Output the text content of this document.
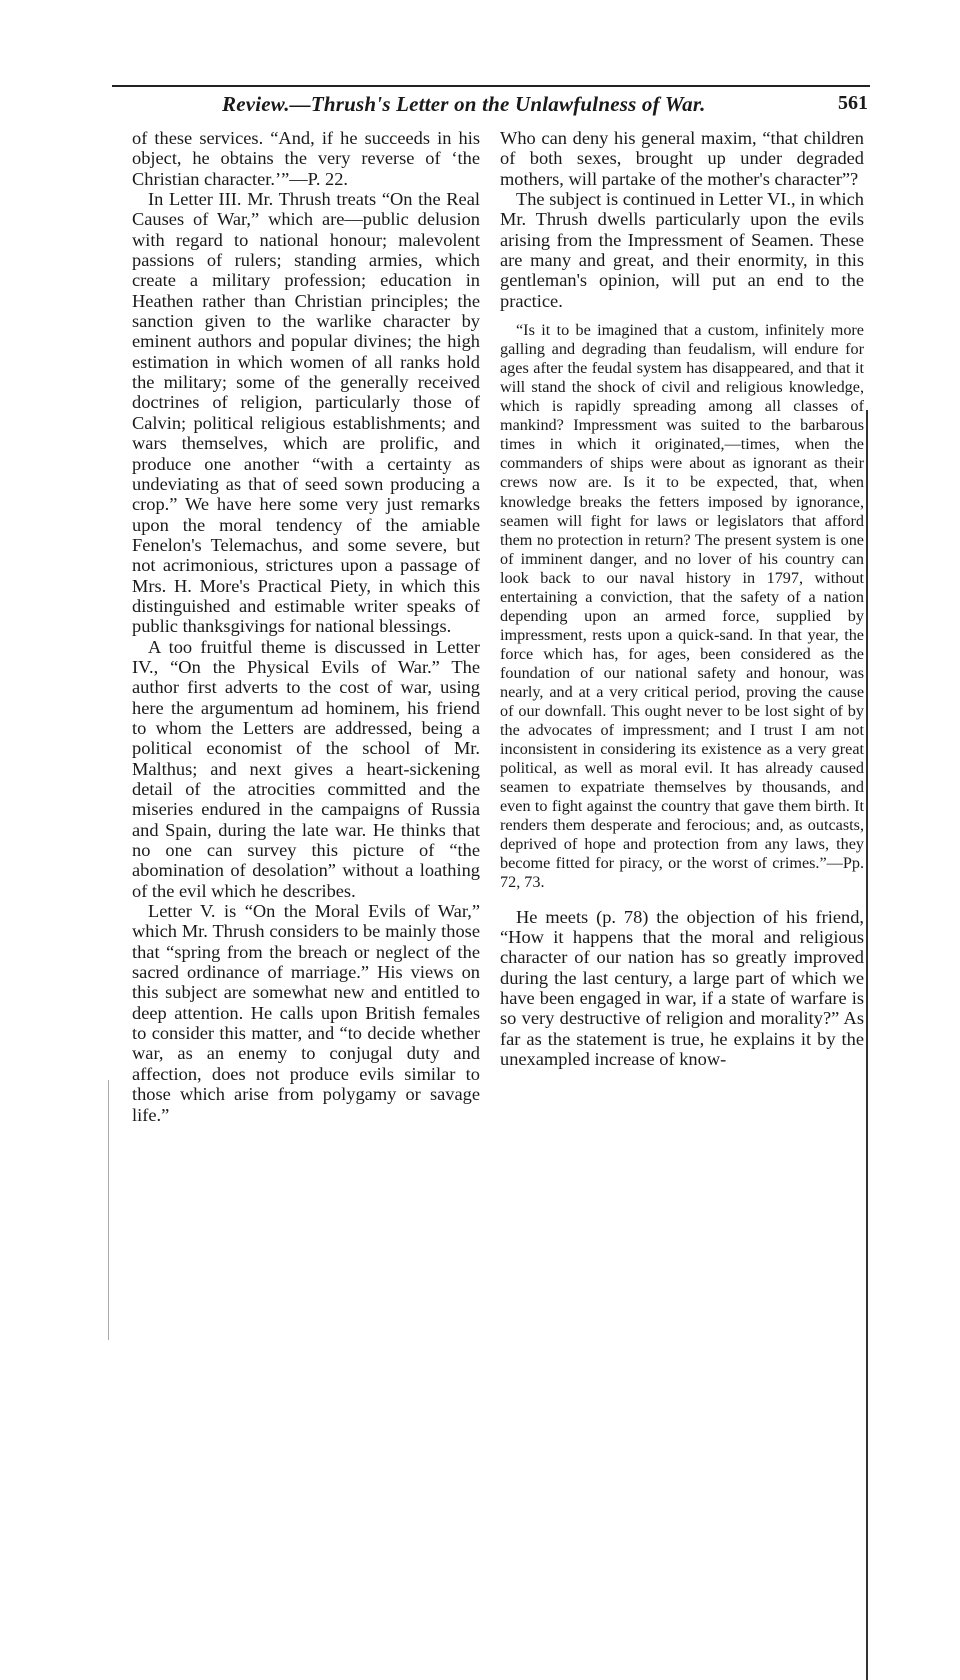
Review.—Thrush's Letter on the Unlawfulness of War.	561

of these services. “And, if he succeeds in his object, he obtains the very reverse of ‘the Christian character.’”—P. 22.

In Letter III. Mr. Thrush treats “On the Real Causes of War,” which are—public delusion with regard to national honour; malevolent passions of rulers; standing armies, which create a military profession; education in Heathen rather than Christian principles; the sanction given to the warlike character by eminent authors and popular divines; the high estimation in which women of all ranks hold the military; some of the generally received doctrines of religion, particularly those of Calvin; political religious establishments; and wars themselves, which are prolific, and produce one another “with a certainty as undeviating as that of seed sown producing a crop.” We have here some very just remarks upon the moral tendency of the amiable Fenelon's Telemachus, and some severe, but not acrimonious, strictures upon a passage of Mrs. H. More's Practical Piety, in which this distinguished and estimable writer speaks of public thanksgivings for national blessings.

A too fruitful theme is discussed in Letter IV., “On the Physical Evils of War.” The author first adverts to the cost of war, using here the argumentum ad hominem, his friend to whom the Letters are addressed, being a political economist of the school of Mr. Malthus; and next gives a heart-sickening detail of the atrocities committed and the miseries endured in the campaigns of Russia and Spain, during the late war. He thinks that no one can survey this picture of “the abomination of desolation” without a loathing of the evil which he describes.

Letter V. is “On the Moral Evils of War,” which Mr. Thrush considers to be mainly those that “spring from the breach or neglect of the sacred ordinance of marriage.” His views on this subject are somewhat new and entitled to deep attention. He calls upon British females to consider this matter, and “to decide whether war, as an enemy to conjugal duty and affection, does not produce evils similar to those which arise from polygamy or savage life.”

Who can deny his general maxim, “that children of both sexes, brought up under degraded mothers, will partake of the mother's character”?

The subject is continued in Letter VI., in which Mr. Thrush dwells particularly upon the evils arising from the Impressment of Seamen. These are many and great, and their enormity, in this gentleman's opinion, will put an end to the practice.

“Is it to be imagined that a custom, infinitely more galling and degrading than feudalism, will endure for ages after the feudal system has disappeared, and that it will stand the shock of civil and religious knowledge, which is rapidly spreading among all classes of mankind? Impressment was suited to the barbarous times in which it originated,—times, when the commanders of ships were about as ignorant as their crews now are. Is it to be expected, that, when knowledge breaks the fetters imposed by ignorance, seamen will fight for laws or legislators that afford them no protection in return? The present system is one of imminent danger, and no lover of his country can look back to our naval history in 1797, without entertaining a conviction, that the safety of a nation depending upon an armed force, supplied by impressment, rests upon a quick-sand. In that year, the force which has, for ages, been considered as the foundation of our national safety and honour, was nearly, and at a very critical period, proving the cause of our downfall. This ought never to be lost sight of by the advocates of impressment; and I trust I am not inconsistent in considering its existence as a very great political, as well as moral evil. It has already caused seamen to expatriate themselves by thousands, and even to fight against the country that gave them birth. It renders them desperate and ferocious; and, as outcasts, deprived of hope and protection from any laws, they become fitted for piracy, or the worst of crimes.”—Pp. 72, 73.

He meets (p. 78) the objection of his friend, “How it happens that the moral and religious character of our nation has so greatly improved during the last century, a large part of which we have been engaged in war, if a state of warfare is so very destructive of religion and morality?” As far as the statement is true, he explains it by the unexampled increase of know-
